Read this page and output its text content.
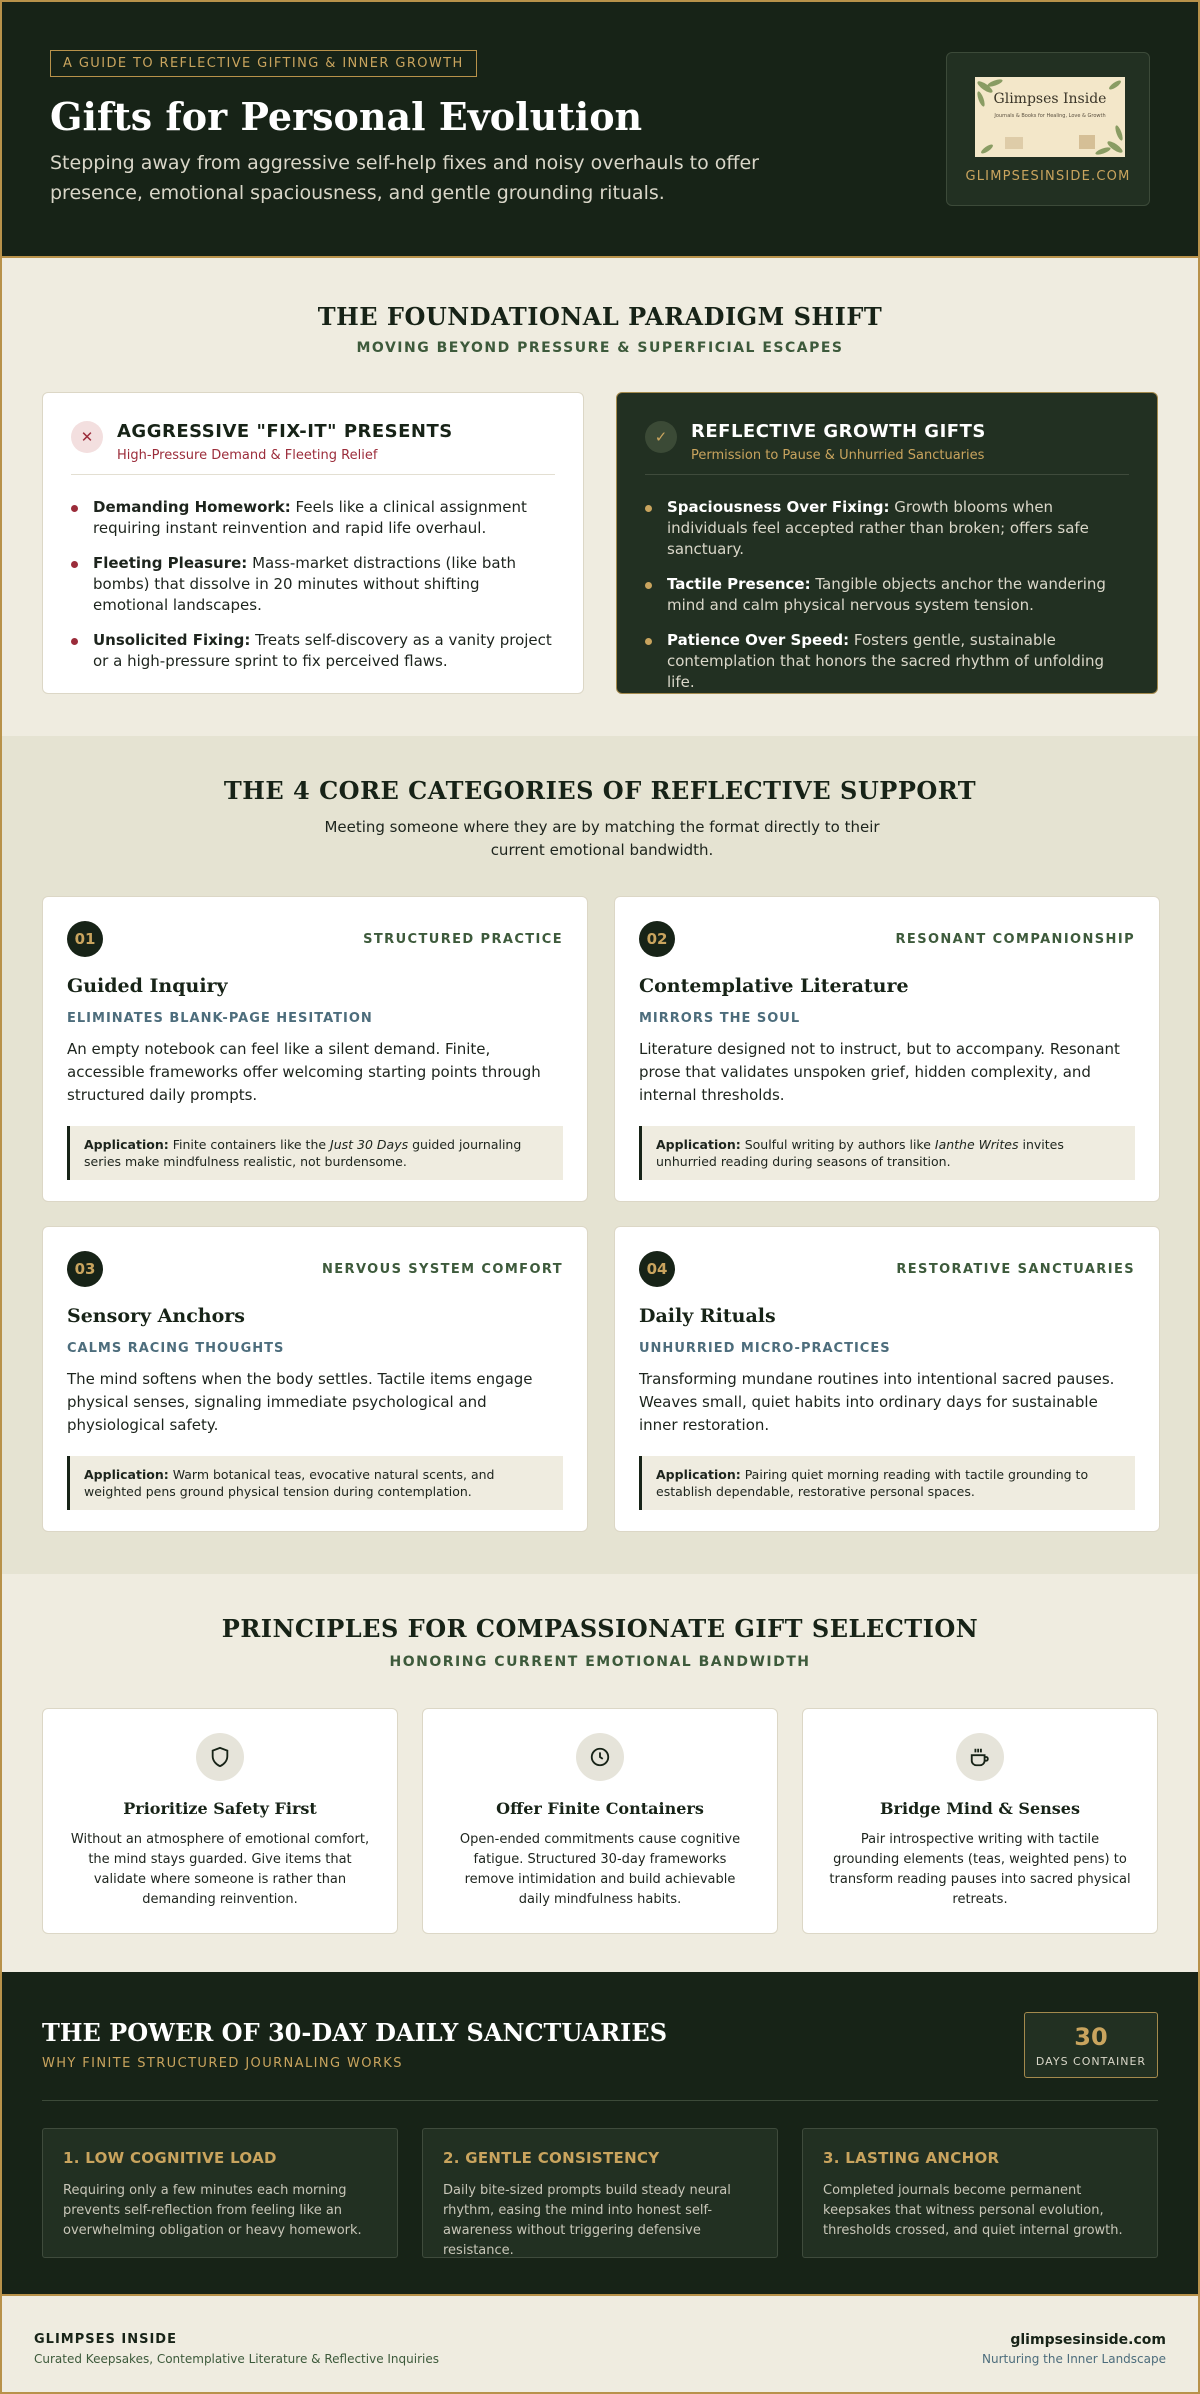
A GUIDE TO REFLECTIVE GIFTING & INNER GROWTH
Gifts for Personal Evolution
Stepping away from aggressive self-help fixes and noisy overhauls to offer presence, emotional spaciousness, and gentle grounding rituals.
Glimpses Inside
Journals & Books for Healing, Love & Growth
GLIMPSESINSIDE.COM
THE FOUNDATIONAL PARADIGM SHIFT
MOVING BEYOND PRESSURE & SUPERFICIAL ESCAPES
✕	AGGRESSIVE "FIX-IT" PRESENTS
High-Pressure Demand & Fleeting Relief
Demanding Homework: Feels like a clinical assignment requiring instant reinvention and rapid life overhaul.
Fleeting Pleasure: Mass-market distractions (like bath bombs) that dissolve in 20 minutes without shifting emotional landscapes.
Unsolicited Fixing: Treats self-discovery as a vanity project or a high-pressure sprint to fix perceived flaws.
✓	REFLECTIVE GROWTH GIFTS
Permission to Pause & Unhurried Sanctuaries
Spaciousness Over Fixing: Growth blooms when individuals feel accepted rather than broken; offers safe sanctuary.
Tactile Presence: Tangible objects anchor the wandering mind and calm physical nervous system tension.
Patience Over Speed: Fosters gentle, sustainable contemplation that honors the sacred rhythm of unfolding life.
THE 4 CORE CATEGORIES OF REFLECTIVE SUPPORT
Meeting someone where they are by matching the format directly to their current emotional bandwidth.
01	STRUCTURED PRACTICE
Guided Inquiry
ELIMINATES BLANK-PAGE HESITATION
An empty notebook can feel like a silent demand. Finite, accessible frameworks offer welcoming starting points through structured daily prompts.
Application: Finite containers like the Just 30 Days guided journaling series make mindfulness realistic, not burdensome.
02	RESONANT COMPANIONSHIP
Contemplative Literature
MIRRORS THE SOUL
Literature designed not to instruct, but to accompany. Resonant prose that validates unspoken grief, hidden complexity, and internal thresholds.
Application: Soulful writing by authors like Ianthe Writes invites unhurried reading during seasons of transition.
03	NERVOUS SYSTEM COMFORT
Sensory Anchors
CALMS RACING THOUGHTS
The mind softens when the body settles. Tactile items engage physical senses, signaling immediate psychological and physiological safety.
Application: Warm botanical teas, evocative natural scents, and weighted pens ground physical tension during contemplation.
04	RESTORATIVE SANCTUARIES
Daily Rituals
UNHURRIED MICRO-PRACTICES
Transforming mundane routines into intentional sacred pauses. Weaves small, quiet habits into ordinary days for sustainable inner restoration.
Application: Pairing quiet morning reading with tactile grounding to establish dependable, restorative personal spaces.
PRINCIPLES FOR COMPASSIONATE GIFT SELECTION
HONORING CURRENT EMOTIONAL BANDWIDTH
Prioritize Safety First
Without an atmosphere of emotional comfort, the mind stays guarded. Give items that validate where someone is rather than demanding reinvention.
Offer Finite Containers
Open-ended commitments cause cognitive fatigue. Structured 30-day frameworks remove intimidation and build achievable daily mindfulness habits.
Bridge Mind & Senses
Pair introspective writing with tactile grounding elements (teas, weighted pens) to transform reading pauses into sacred physical retreats.
THE POWER OF 30-DAY DAILY SANCTUARIES
WHY FINITE STRUCTURED JOURNALING WORKS
30
DAYS CONTAINER
1. LOW COGNITIVE LOAD
Requiring only a few minutes each morning prevents self-reflection from feeling like an overwhelming obligation or heavy homework.
2. GENTLE CONSISTENCY
Daily bite-sized prompts build steady neural rhythm, easing the mind into honest self-awareness without triggering defensive resistance.
3. LASTING ANCHOR
Completed journals become permanent keepsakes that witness personal evolution, thresholds crossed, and quiet internal growth.
GLIMPSES INSIDE
Curated Keepsakes, Contemplative Literature & Reflective Inquiries
glimpsesinside.com
Nurturing the Inner Landscape
